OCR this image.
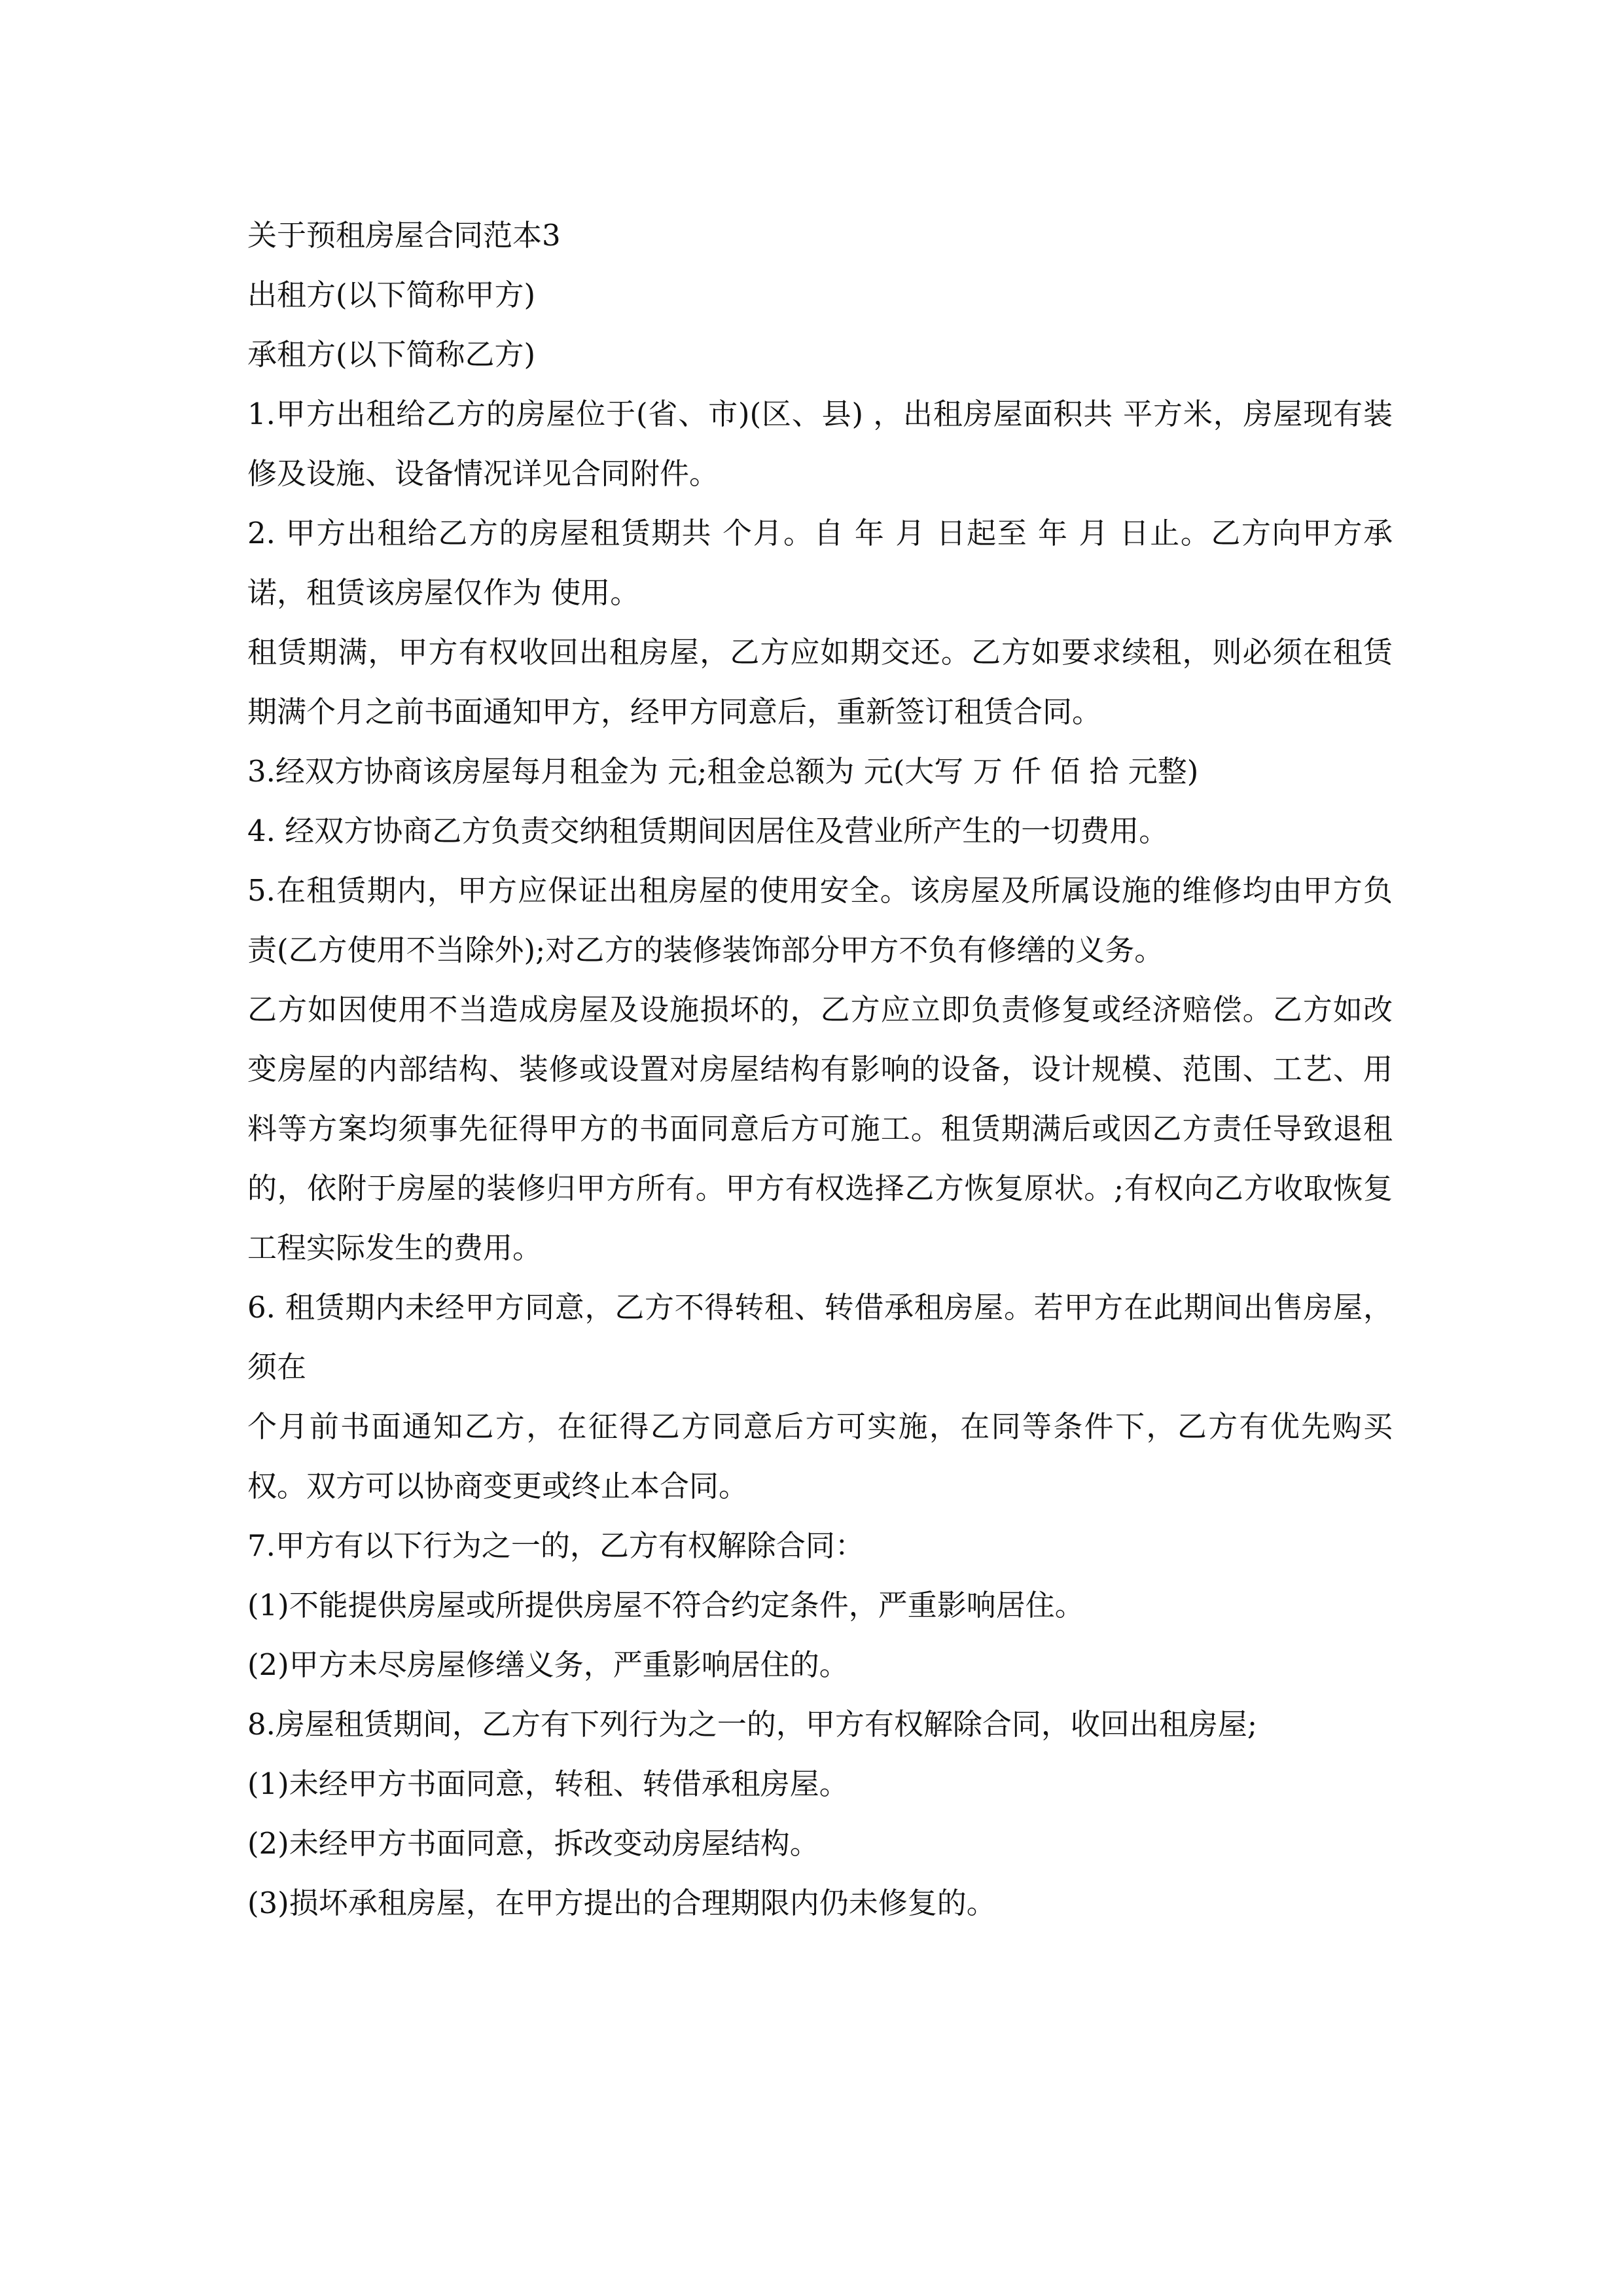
关于预租房屋合同范本3

出租方(以下简称甲方)

承租方(以下简称乙方)

1.甲方出租给乙方的房屋位于(省、市)(区、县) ，出租房屋面积共 平方米，房屋现有装修及设施、设备情况详见合同附件。

2. 甲方出租给乙方的房屋租赁期共 个月。自 年 月 日起至 年 月 日止。乙方向甲方承诺，租赁该房屋仅作为 使用。

租赁期满，甲方有权收回出租房屋，乙方应如期交还。乙方如要求续租，则必须在租赁期满个月之前书面通知甲方，经甲方同意后，重新签订租赁合同。

3.经双方协商该房屋每月租金为 元;租金总额为 元(大写 万 仟 佰 拾 元整)

4. 经双方协商乙方负责交纳租赁期间因居住及营业所产生的一切费用。

5.在租赁期内，甲方应保证出租房屋的使用安全。该房屋及所属设施的维修均由甲方负责(乙方使用不当除外);对乙方的装修装饰部分甲方不负有修缮的义务。

乙方如因使用不当造成房屋及设施损坏的，乙方应立即负责修复或经济赔偿。乙方如改变房屋的内部结构、装修或设置对房屋结构有影响的设备，设计规模、范围、工艺、用料等方案均须事先征得甲方的书面同意后方可施工。租赁期满后或因乙方责任导致退租的，依附于房屋的装修归甲方所有。甲方有权选择乙方恢复原状。;有权向乙方收取恢复工程实际发生的费用。

6. 租赁期内未经甲方同意，乙方不得转租、转借承租房屋。若甲方在此期间出售房屋，须在

个月前书面通知乙方，在征得乙方同意后方可实施，在同等条件下，乙方有优先购买权。双方可以协商变更或终止本合同。

7.甲方有以下行为之一的，乙方有权解除合同：

(1)不能提供房屋或所提供房屋不符合约定条件，严重影响居住。

(2)甲方未尽房屋修缮义务，严重影响居住的。

8.房屋租赁期间，乙方有下列行为之一的，甲方有权解除合同，收回出租房屋;

(1)未经甲方书面同意，转租、转借承租房屋。

(2)未经甲方书面同意，拆改变动房屋结构。

(3)损坏承租房屋，在甲方提出的合理期限内仍未修复的。
